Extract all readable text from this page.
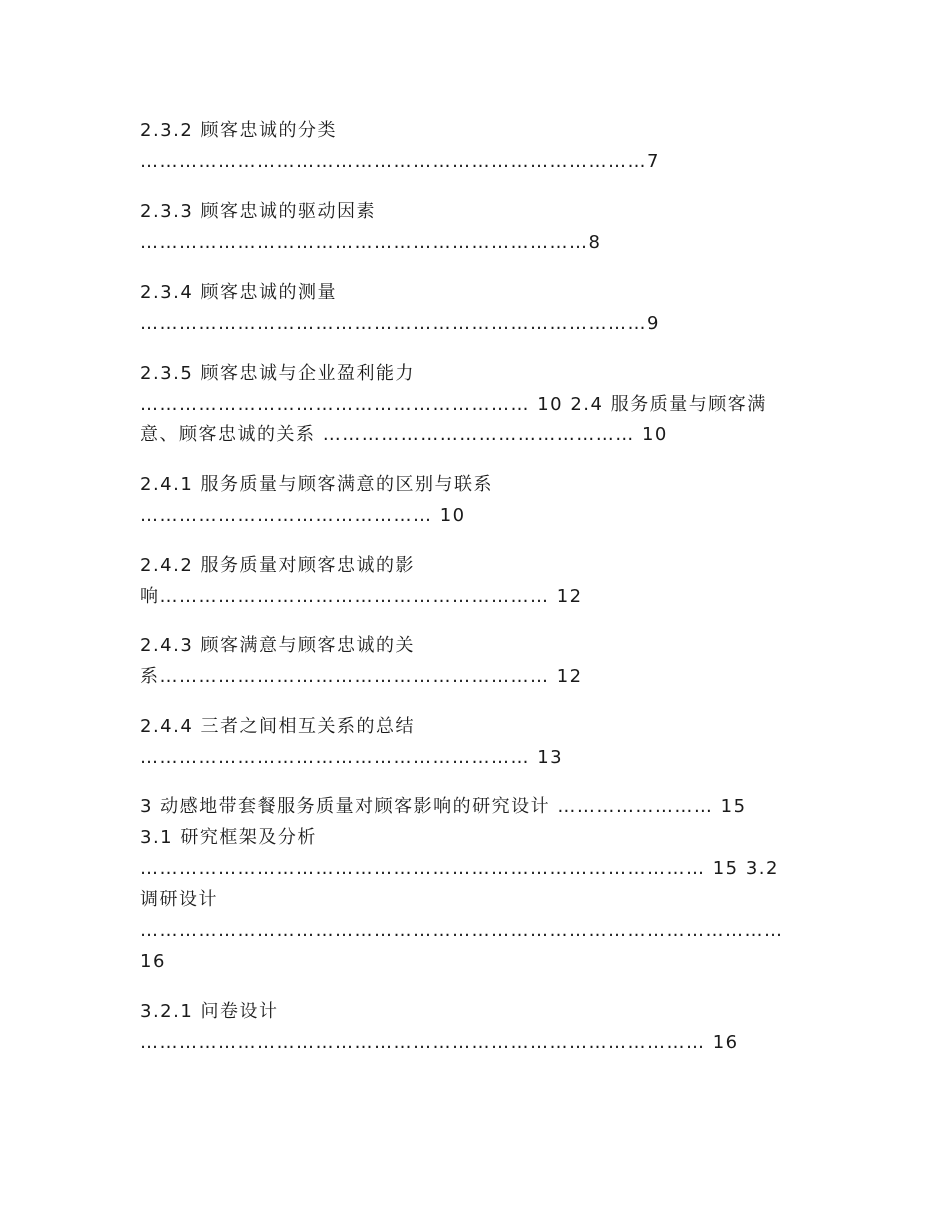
2.3.2 顾客忠诚的分类
……………………………………………………………………7
2.3.3 顾客忠诚的驱动因素
……………………………………………………………8
2.3.4 顾客忠诚的测量
……………………………………………………………………9
2.3.5 顾客忠诚与企业盈利能力
…………………………………………………… 10 2.4 服务质量与顾客满
意、顾客忠诚的关系 ………………………………………… 10
2.4.1 服务质量与顾客满意的区别与联系
……………………………………… 10
2.4.2 服务质量对顾客忠诚的影
响…………………………………………………… 12
2.4.3 顾客满意与顾客忠诚的关
系…………………………………………………… 12
2.4.4 三者之间相互关系的总结
…………………………………………………… 13
3 动感地带套餐服务质量对顾客影响的研究设计 …………………… 15
3.1 研究框架及分析
…………………………………………………………………………… 15 3.2
调研设计
………………………………………………………………………………………
16
3.2.1 问卷设计
…………………………………………………………………………… 16
